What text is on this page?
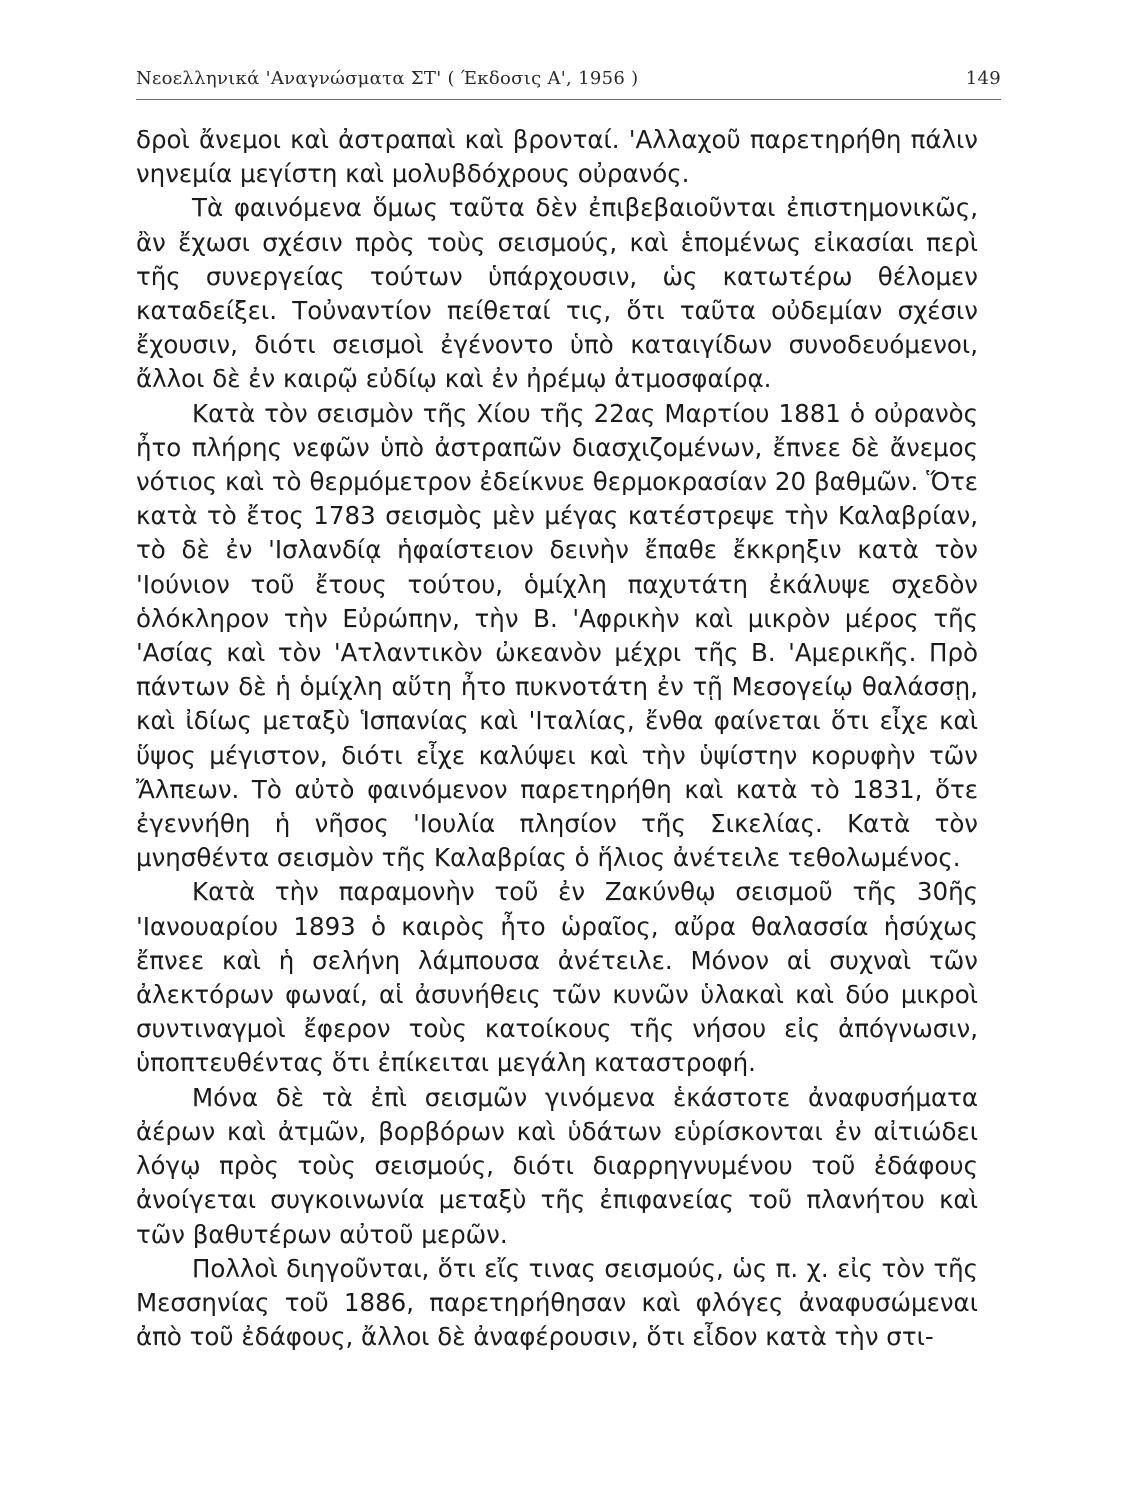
Νεοελληνικά 'Αναγνώσματα ΣΤ' ( Έκδοσις Α', 1956 )	149

δροὶ ἄνεμοι καὶ ἀστραπαὶ καὶ βρονταί. 'Αλλαχοῦ παρετηρήθη πάλιν νηνεμία μεγίστη καὶ μολυβδόχρους οὐρανός.

Τὰ φαινόμενα ὅμως ταῦτα δὲν ἐπιβεβαιοῦνται ἐπιστημονικῶς, ἂν ἔχωσι σχέσιν πρὸς τοὺς σεισμούς, καὶ ἑπομένως εἰκασίαι περὶ τῆς συνεργείας τούτων ὑπάρχουσιν, ὡς κατωτέρω θέλομεν καταδείξει. Τοὐναντίον πείθεταί τις, ὅτι ταῦτα οὐδεμίαν σχέσιν ἔχουσιν, διότι σεισμοὶ ἐγένοντο ὑπὸ καταιγίδων συνοδευόμενοι, ἄλλοι δὲ ἐν καιρῷ εὐδίῳ καὶ ἐν ἠρέμῳ ἀτμοσφαίρᾳ.

Κατὰ τὸν σεισμὸν τῆς Χίου τῆς 22ας Μαρτίου 1881 ὁ οὐρανὸς ἦτο πλήρης νεφῶν ὑπὸ ἀστραπῶν διασχιζομένων, ἔπνεε δὲ ἄνεμος νότιος καὶ τὸ θερμόμετρον ἐδείκνυε θερμοκρασίαν 20 βαθμῶν. Ὅτε κατὰ τὸ ἔτος 1783 σεισμὸς μὲν μέγας κατέστρεψε τὴν Καλαβρίαν, τὸ δὲ ἐν 'Ισλανδίᾳ ἡφαίστειον δεινὴν ἔπαθε ἔκκρηξιν κατὰ τὸν 'Ιούνιον τοῦ ἔτους τούτου, ὁμίχλη παχυτάτη ἐκάλυψε σχεδὸν ὁλόκληρον τὴν Εὐρώπην, τὴν Β. 'Αφρικὴν καὶ μικρὸν μέρος τῆς 'Ασίας καὶ τὸν 'Ατλαντικὸν ὠκεανὸν μέχρι τῆς Β. 'Αμερικῆς. Πρὸ πάντων δὲ ἡ ὁμίχλη αὕτη ἦτο πυκνοτάτη ἐν τῇ Μεσογείῳ θαλάσσῃ, καὶ ἰδίως μεταξὺ Ἱσπανίας καὶ 'Ιταλίας, ἔνθα φαίνεται ὅτι εἶχε καὶ ὕψος μέγιστον, διότι εἶχε καλύψει καὶ τὴν ὑψίστην κορυφὴν τῶν Ἄλπεων. Τὸ αὐτὸ φαινόμενον παρετηρήθη καὶ κατὰ τὸ 1831, ὅτε ἐγεννήθη ἡ νῆσος 'Ιουλία πλησίον τῆς Σικελίας. Κατὰ τὸν μνησθέντα σεισμὸν τῆς Καλαβρίας ὁ ἥλιος ἀνέτειλε τεθολωμένος.

Κατὰ τὴν παραμονὴν τοῦ ἐν Ζακύνθῳ σεισμοῦ τῆς 30ῆς 'Ιανουαρίου 1893 ὁ καιρὸς ἦτο ὡραῖος, αὔρα θαλασσία ἡσύχως ἔπνεε καὶ ἡ σελήνη λάμπουσα ἀνέτειλε. Μόνον αἱ συχναὶ τῶν ἀλεκτόρων φωναί, αἱ ἀσυνήθεις τῶν κυνῶν ὑλακαὶ καὶ δύο μικροὶ συντιναγμοὶ ἔφερον τοὺς κατοίκους τῆς νήσου εἰς ἀπόγνωσιν, ὑποπτευθέντας ὅτι ἐπίκειται μεγάλη καταστροφή.

Μόνα δὲ τὰ ἐπὶ σεισμῶν γινόμενα ἑκάστοτε ἀναφυσήματα ἀέρων καὶ ἀτμῶν, βορβόρων καὶ ὑδάτων εὑρίσκονται ἐν αἰτιώδει λόγῳ πρὸς τοὺς σεισμούς, διότι διαρρηγνυμένου τοῦ ἐδάφους ἀνοίγεται συγκοινωνία μεταξὺ τῆς ἐπιφανείας τοῦ πλανήτου καὶ τῶν βαθυτέρων αὐτοῦ μερῶν.

Πολλοὶ διηγοῦνται, ὅτι εἴς τινας σεισμούς, ὡς π. χ. εἰς τὸν τῆς Μεσσηνίας τοῦ 1886, παρετηρήθησαν καὶ φλόγες ἀναφυσώμεναι ἀπὸ τοῦ ἐδάφους, ἄλλοι δὲ ἀναφέρουσιν, ὅτι εἶδον κατὰ τὴν στι-
